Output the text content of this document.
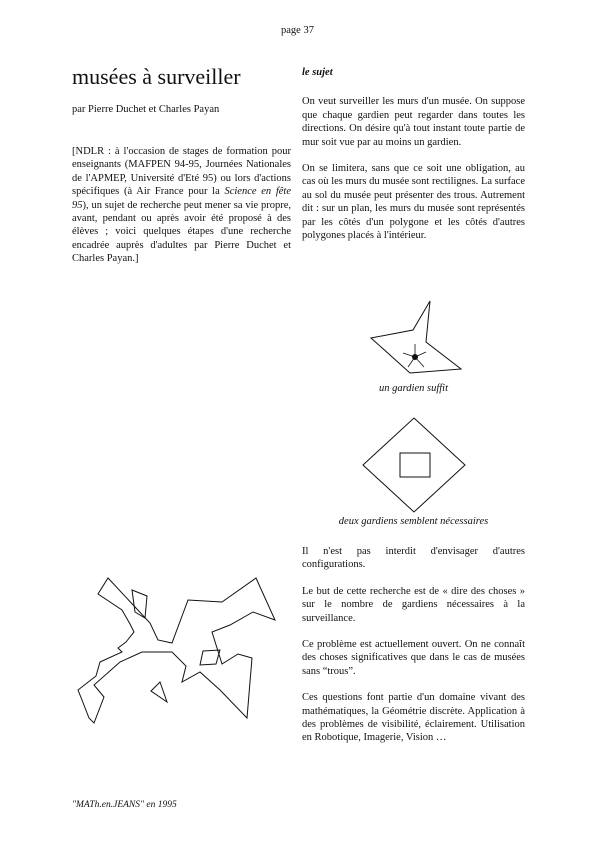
page 37
musées à surveiller
par Pierre Duchet et Charles Payan
[NDLR : à l'occasion de stages de formation pour enseignants (MAFPEN 94-95, Journées Nationales de l'APMEP, Université d'Eté 95) ou lors d'actions spécifiques (à Air France pour la Science en fête 95), un sujet de recherche peut mener sa vie propre, avant, pendant ou après avoir été proposé à des élèves ; voici quelques étapes d'une recherche encadrée auprès d'adultes par Pierre Duchet et Charles Payan.]

le sujet

On veut surveiller les murs d'un musée. On suppose que chaque gardien peut regarder dans toutes les directions. On désire qu'à tout instant toute partie de mur soit vue par au moins un gardien.

On se limitera, sans que ce soit une obligation, au cas où les murs du musée sont rectilignes. La surface au sol du musée peut présenter des trous. Autrement dit : sur un plan, les murs du musée sont représentés par les côtés d'un polygone et les côtés d'autres polygones placés à l'intérieur.

un gardien suffit
deux gardiens semblent nécessaires

Il n'est pas interdit d'envisager d'autres configurations.

Le but de cette recherche est de « dire des choses » sur le nombre de gardiens nécessaires à la surveillance.

Ce problème est actuellement ouvert. On ne connaît des choses significatives que dans le cas de musées sans “trous”.

Ces questions font partie d'un domaine vivant des mathématiques, la Géométrie discrète. Application à des problèmes de visibilité, éclairement. Utilisation en Robotique, Imagerie, Vision …

"MATh.en.JEANS" en 1995
